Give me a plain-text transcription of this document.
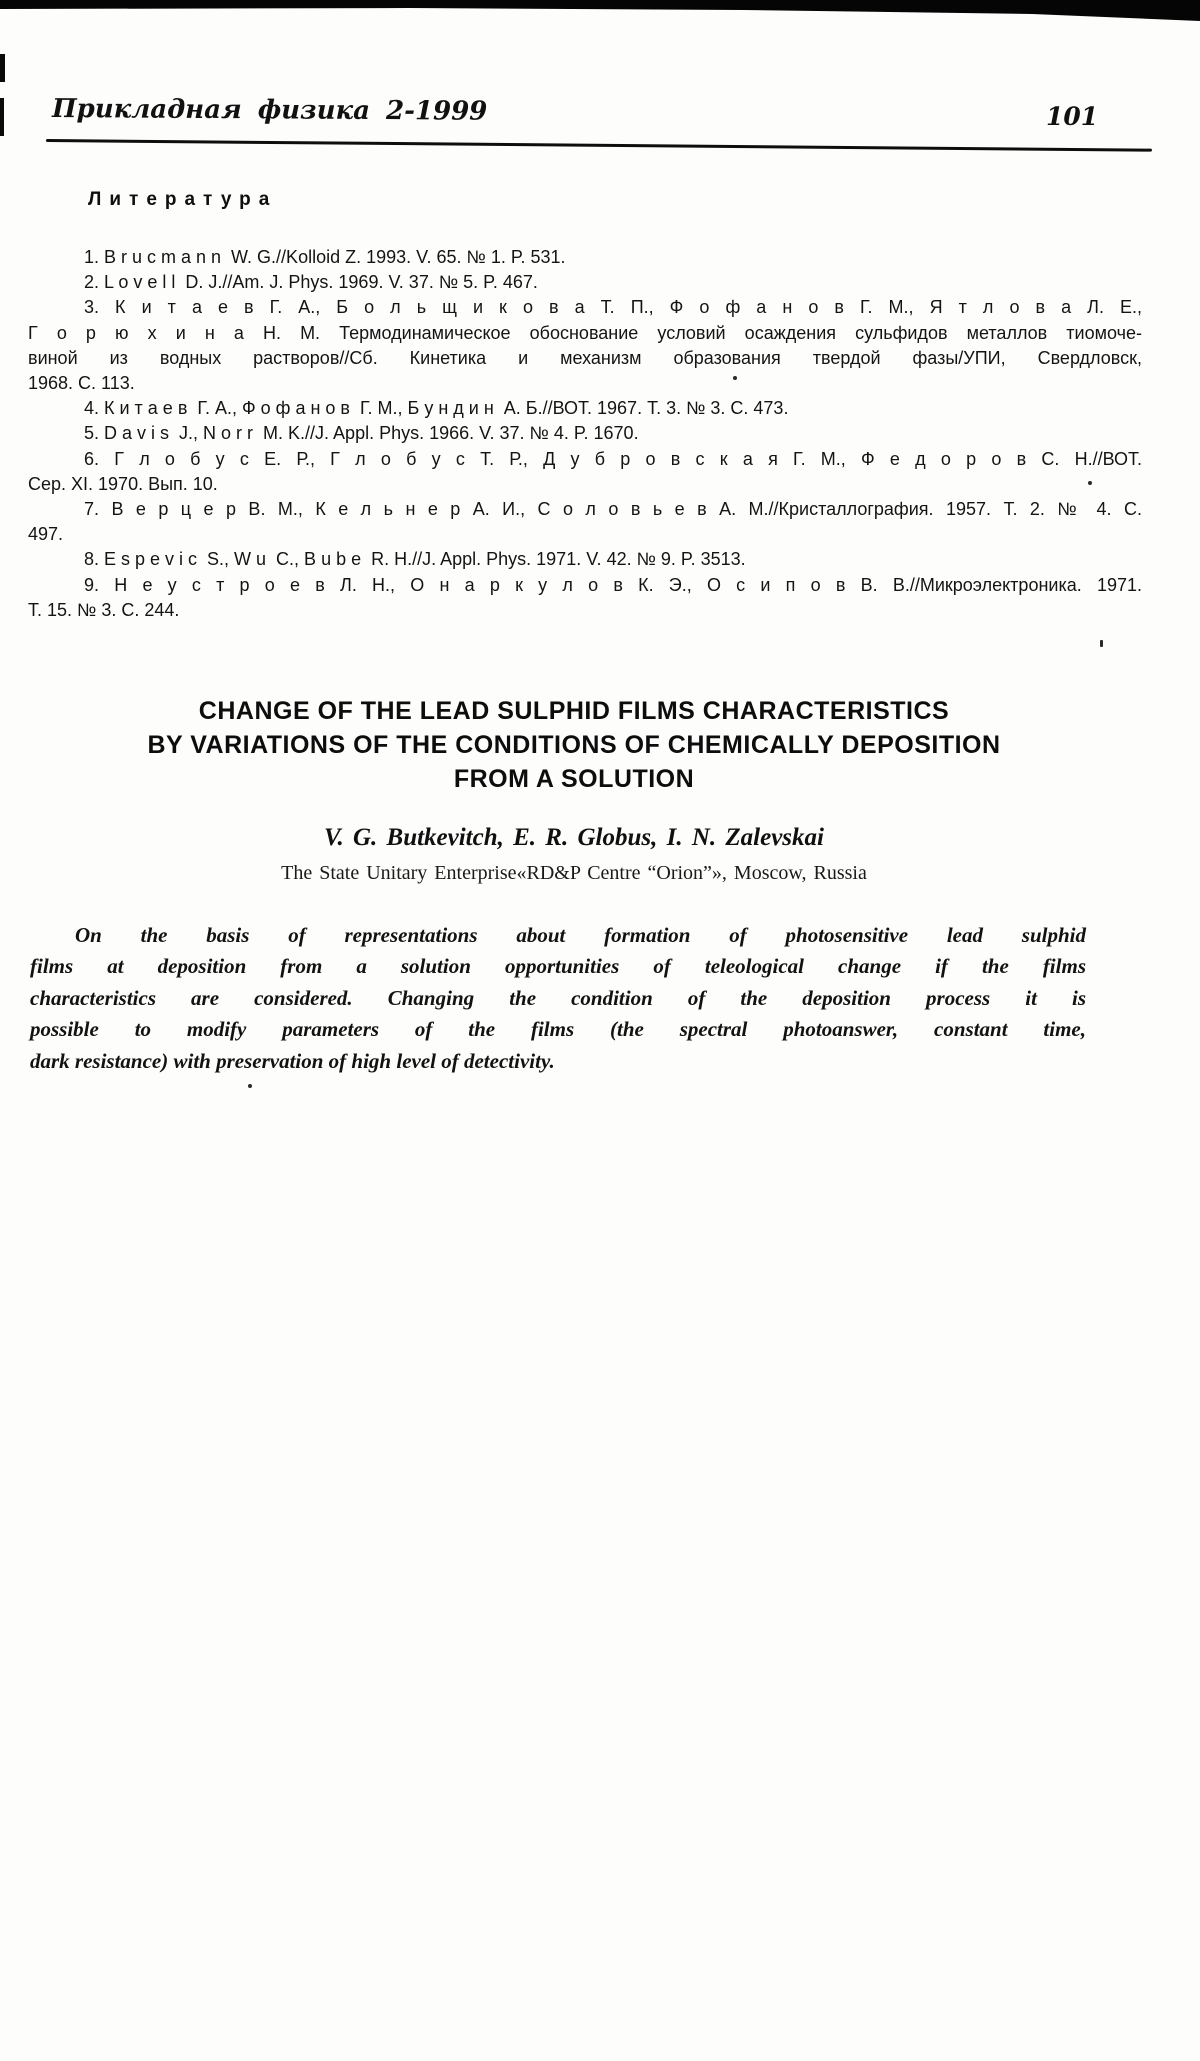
Прикладная физика 2-1999	101
Литература
1. B r u c m a n n  W. G.//Kolloid Z. 1993. V. 65. № 1. P. 531.
2. L o v e l l  D. J.//Am. J. Phys. 1969. V. 37. № 5. P. 467.
3. К и т а е в Г. А., Б о л ь щ и к о в а Т. П., Ф о ф а н о в Г. М., Я т л о в а Л. Е.,
Г о р ю х и н а Н. М. Термодинамическое обоснование условий осаждения сульфидов металлов тиомоче-
виной из водных растворов//Сб. Кинетика и механизм образования твердой фазы/УПИ, Свердловск,
1968. С. 113.
4. К и т а е в  Г. А., Ф о ф а н о в  Г. М., Б у н д и н  А. Б.//ВОТ. 1967. Т. 3. № 3. С. 473.
5. D a v i s  J., N o r r  M. K.//J. Appl. Phys. 1966. V. 37. № 4. P. 1670.
6. Г л о б у с Е. Р., Г л о б у с Т. Р., Д у б р о в с к а я Г. М., Ф е д о р о в С. Н.//ВОТ.
Сер. XI. 1970. Вып. 10.
7. В е р ц е р В. М., К е л ь н е р А. И., С о л о в ь е в А. М.//Кристаллография. 1957. Т. 2. № 4. С.
497.
8. E s p e v i c  S., W u  C., B u b e  R. H.//J. Appl. Phys. 1971. V. 42. № 9. P. 3513.
9. Н е у с т р о е в Л. Н., О н а р к у л о в К. Э., О с и п о в В. В.//Микроэлектроника. 1971.
Т. 15. № 3. С. 244.
CHANGE OF THE LEAD SULPHID FILMS CHARACTERISTICS
BY VARIATIONS OF THE CONDITIONS OF CHEMICALLY DEPOSITION
FROM A SOLUTION
V. G. Butkevitch, E. R. Globus, I. N. Zalevskai
The State Unitary Enterprise«RD&P Centre “Orion”», Moscow, Russia
On the basis of representations about formation of photosensitive lead sulphid
films at deposition from a solution opportunities of teleological change if the films
characteristics are considered. Changing the condition of the deposition process it is
possible to modify parameters of the films (the spectral photoanswer, constant time,
dark resistance) with preservation of high level of detectivity.
